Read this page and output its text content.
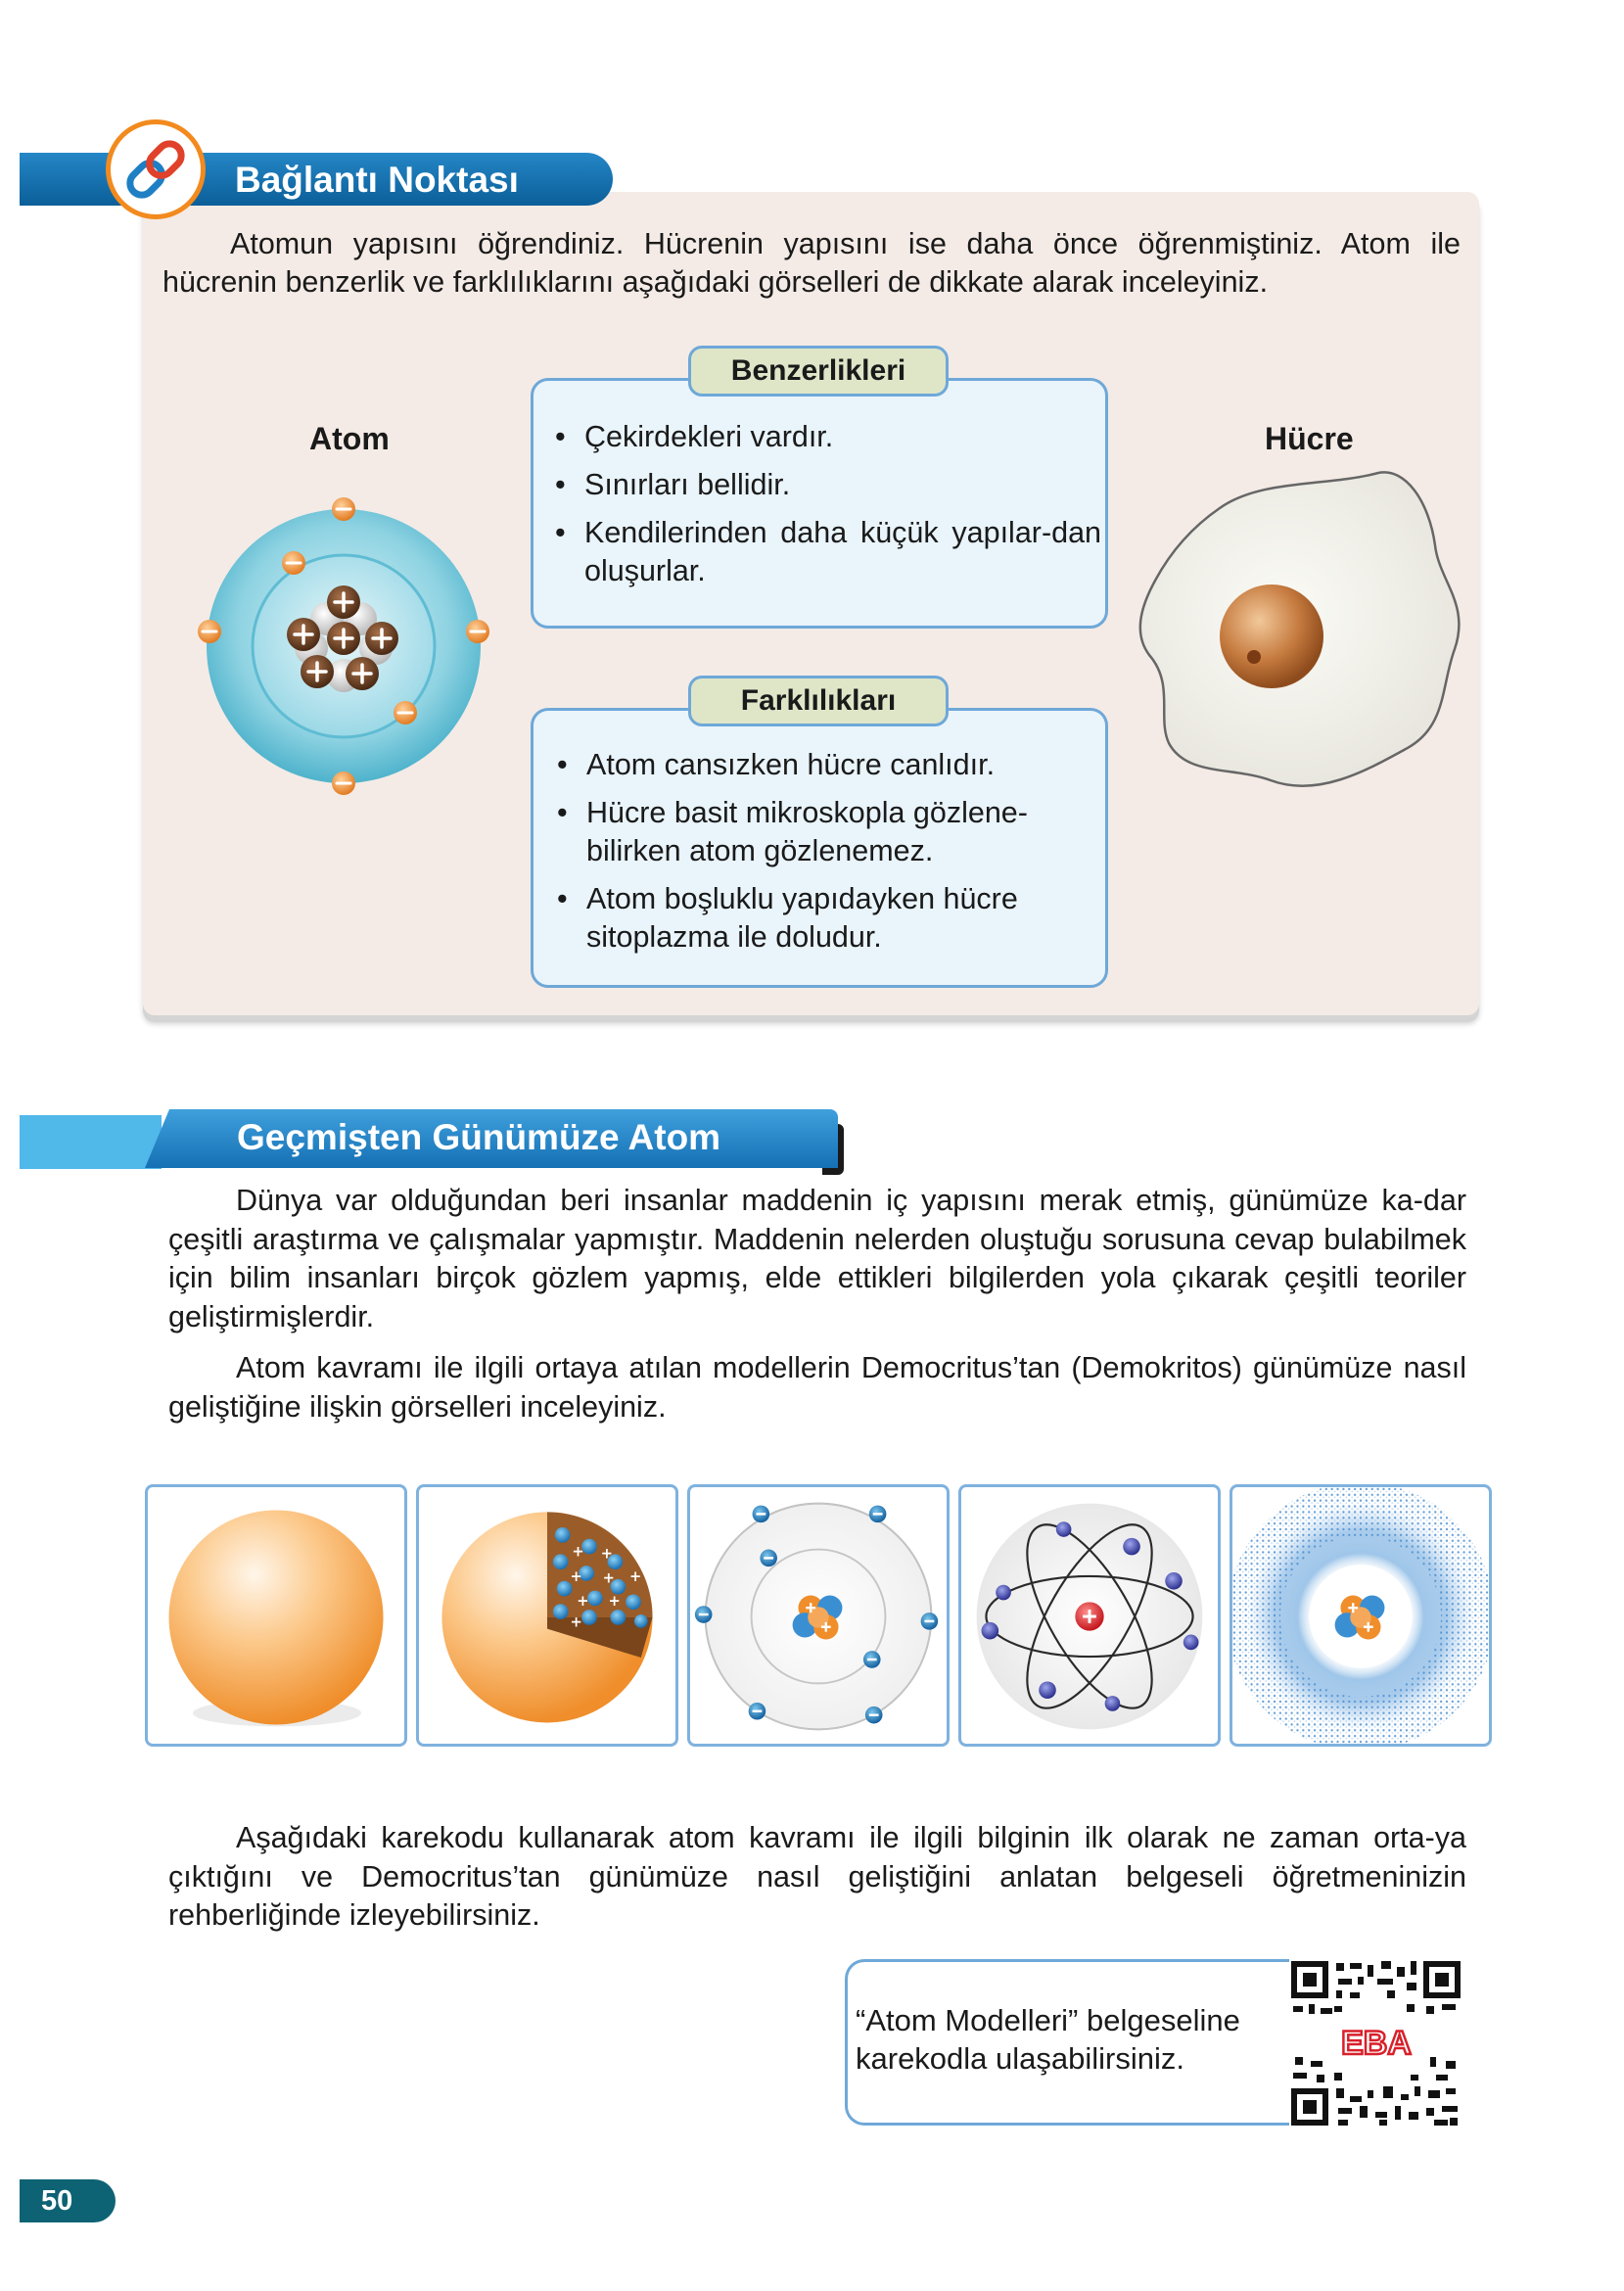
Bağlantı Noktası
Atomun yapısını öğrendiniz. Hücrenin yapısını ise daha önce öğrenmiştiniz. Atom ile hücrenin benzerlik ve farklılıklarını aşağıdaki görselleri de dikkate alarak inceleyiniz.
Atom	Hücre
• Çekirdekleri vardır.
• Sınırları bellidir.
• Kendilerinden daha küçük yapılar-dan oluşurlar.
Benzerlikleri
• Atom cansızken hücre canlıdır.
• Hücre basit mikroskopla gözlene-bilirken atom gözlenemez.
• Atom boşluklu yapıdayken hücre sitoplazma ile doludur.
Farklılıkları
Geçmişten Günümüze Atom
Dünya var olduğundan beri insanlar maddenin iç yapısını merak etmiş, günümüze ka-dar çeşitli araştırma ve çalışmalar yapmıştır. Maddenin nelerden oluştuğu sorusuna cevap bulabilmek için bilim insanları birçok gözlem yapmış, elde ettikleri bilgilerden yola çıkarak çeşitli teoriler geliştirmişlerdir.
Atom kavramı ile ilgili ortaya atılan modellerin Democritus’tan (Demokritos) günümüze nasıl geliştiğine ilişkin görselleri inceleyiniz.
+ +
+ +
+ +
+
+
Aşağıdaki karekodu kullanarak atom kavramı ile ilgili bilginin ilk olarak ne zaman orta-ya çıktığını ve Democritus’tan günümüze nasıl geliştiğini anlatan belgeseli öğretmeninizin rehberliğinde izleyebilirsiniz.
“Atom Modelleri” belgeseline karekodla ulaşabilirsiniz.	EBA
50
